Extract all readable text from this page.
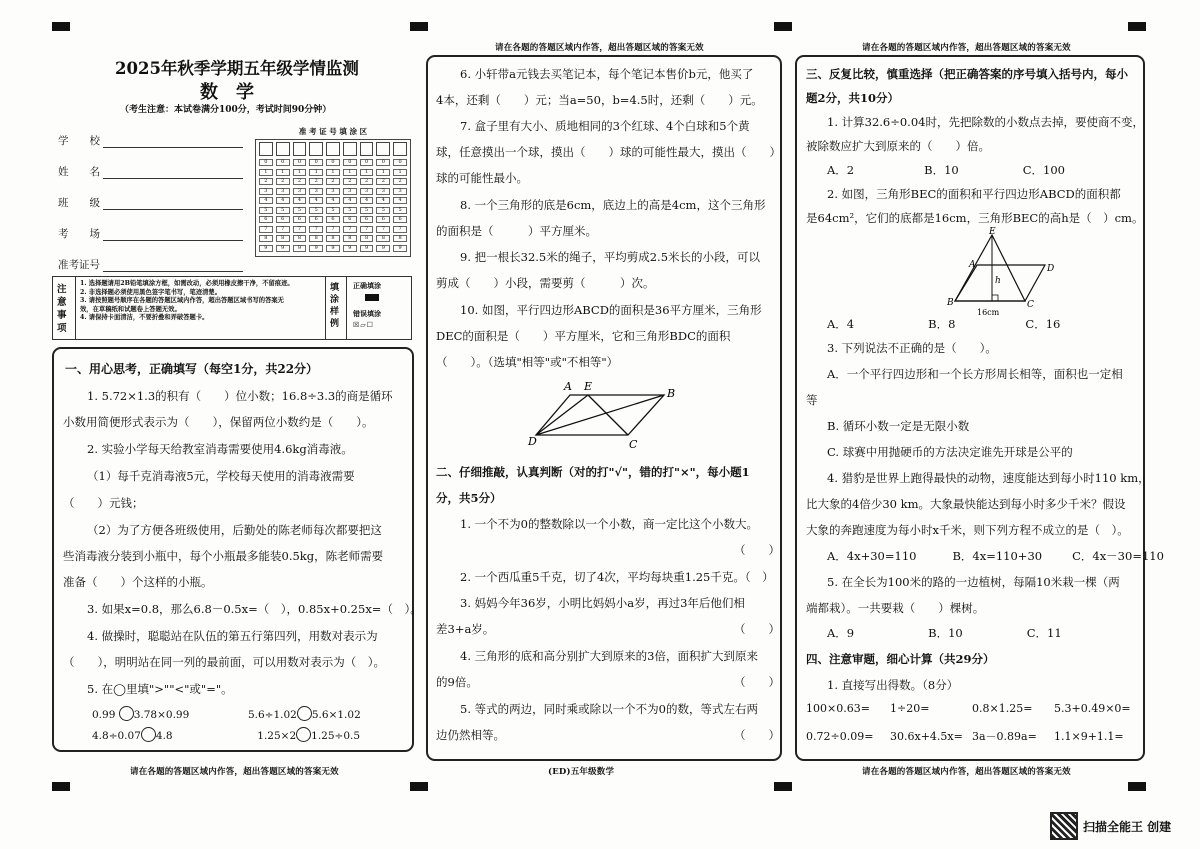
请在各题的答题区域内作答，超出答题区域的答案无效	请在各题的答题区域内作答，超出答题区域的答案无效
请在各题的答题区域内作答，超出答题区域的答案无效	(ED)五年级数学	请在各题的答题区域内作答，超出答题区域的答案无效
2025年秋季学期五年级学情监测
数　学
（考生注意：本试卷满分100分，考试时间90分钟）
学　　校
姓　　名
班　　级
考　　场
准考证号
准 考 证 号 填 涂 区
0	0	0	0	0	0	0	0	0
1	1	1	1	1	1	1	1	1
2	2	2	2	2	2	2	2	2
3	3	3	3	3	3	3	3	3
4	4	4	4	4	4	4	4	4
5	5	5	5	5	5	5	5	5
6	6	6	6	6	6	6	6	6
7	7	7	7	7	7	7	7	7
8	8	8	8	8	8	8	8	8
9	9	9	9	9	9	9	9	9
注意事项
1. 选择题请用2B铅笔填涂方框，如需改动，必须用橡皮擦干净，不留痕迹。
2. 非选择题必须使用黑色签字笔书写，笔迹清楚。
3. 请按照题号顺序在各题的答题区域内作答，超出答题区域书写的答案无效，在草稿纸和试题卷上答题无效。
4. 请保持卡面清洁，不要折叠和弄破答题卡。
填涂样例
正确填涂
错误填涂
☒▱☐
一、用心思考，正确填写（每空1分，共22分）
1. 5.72×1.3的积有（　　）位小数；16.8÷3.3的商是循环
小数用简便形式表示为（　　），保留两位小数约是（　　）。
2. 实验小学每天给教室消毒需要使用4.6kg消毒液。
（1）每千克消毒液5元，学校每天使用的消毒液需要
（　　）元钱；
（2）为了方便各班级使用，后勤处的陈老师每次都要把这
些消毒液分装到小瓶中，每个小瓶最多能装0.5kg，陈老师需要
准备（　　）个这样的小瓶。
3. 如果x=0.8，那么6.8－0.5x=（　），0.85x+0.25x=（　）。
4. 做操时，聪聪站在队伍的第五行第四列，用数对表示为
（　　），明明站在同一列的最前面，可以用数对表示为（　）。
5. 在◯里填">""<"或"="。
0.99 3.78×0.99	5.6÷1.02 5.6×1.02
4.8÷0.07 4.8	1.25×2 1.25÷0.5
6. 小轩带a元钱去买笔记本，每个笔记本售价b元，他买了
4本，还剩（　　）元；当a=50，b=4.5时，还剩（　　）元。
7. 盒子里有大小、质地相同的3个红球、4个白球和5个黄
球，任意摸出一个球，摸出（　　）球的可能性最大，摸出（　　）
球的可能性最小。
8. 一个三角形的底是6cm，底边上的高是4cm，这个三角形
的面积是（　　　）平方厘米。
9. 把一根长32.5米的绳子，平均剪成2.5米长的小段，可以
剪成（　　）小段，需要剪（　　　）次。
10. 如图，平行四边形ABCD的面积是36平方厘米，三角形
DEC的面积是（　　）平方厘米，它和三角形BDC的面积
（　　）。（选填"相等"或"不相等"）
A E
B
D	C
二、仔细推敲，认真判断（对的打"√"，错的打"×"，每小题1
分，共5分）
1. 一个不为0的整数除以一个小数，商一定比这个小数大。
（　　）
2. 一个西瓜重5千克，切了4次，平均每块重1.25千克。（　）
3. 妈妈今年36岁，小明比妈妈小a岁，再过3年后他们相
差3+a岁。	（　　）
4. 三角形的底和高分别扩大到原来的3倍，面积扩大到原来
的9倍。	（　　）
5. 等式的两边，同时乘或除以一个不为0的数，等式左右两
边仍然相等。	（　　）
三、反复比较，慎重选择（把正确答案的序号填入括号内，每小
题2分，共10分）
1. 计算32.6÷0.04时，先把除数的小数点去掉，要使商不变，
被除数应扩大到原来的（　　）倍。
A．2	B．10	C．100
2. 如图，三角形BEC的面积和平行四边形ABCD的面积都
是64cm²，它们的底都是16cm，三角形BEC的高h是（　）cm。
E
A	D
h
B	C
16cm
A．4	B．8	C．16
3. 下列说法不正确的是（　　）。
A．一个平行四边形和一个长方形周长相等，面积也一定相
等
B. 循环小数一定是无限小数
C. 球赛中用抛硬币的方法决定谁先开球是公平的
4. 猎豹是世界上跑得最快的动物，速度能达到每小时110 km，
比大象的4倍少30 km。大象最快能达到每小时多少千米？假设
大象的奔跑速度为每小时x千米，则下列方程不成立的是（　）。
A．4x+30=110	B．4x=110+30	C．4x－30=110
5. 在全长为100米的路的一边植树，每隔10米栽一棵（两
端都栽）。一共要栽（　　）棵树。
A．9	B．10	C．11
四、注意审题，细心计算（共29分）
1. 直接写出得数。（8分）
100×0.63= 1÷20=	0.8×1.25= 5.3+0.49×0=
0.72÷0.09= 30.6x+4.5x= 3a－0.89a= 1.1×9+1.1=
扫描全能王 创建
